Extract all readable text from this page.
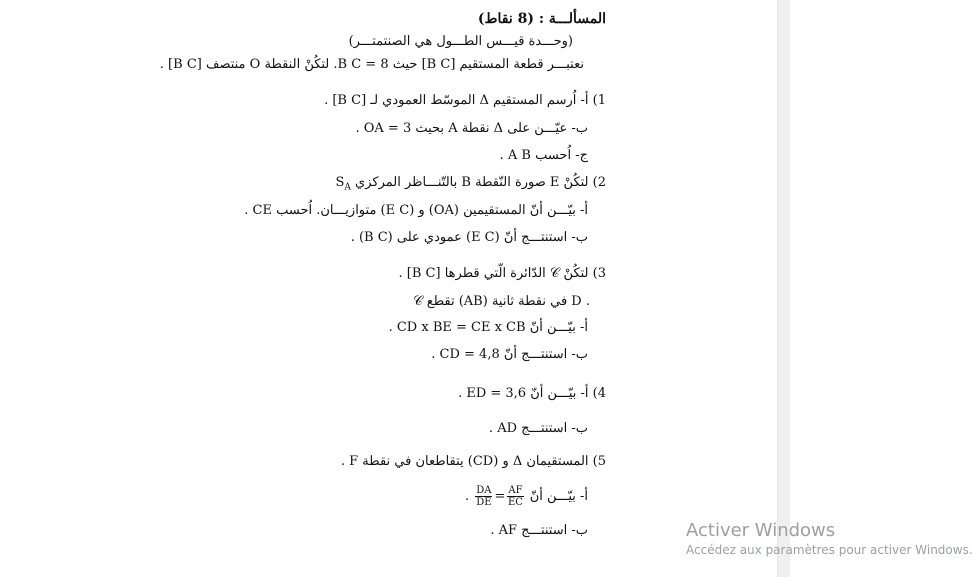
المسألـــة : (8 نقاط)
(وحـــدة قيـــس الطـــول هي الصنتمتـــر)
نعتبـــر قطعة المستقيم [B C] حيث B C = 8. لتكُنْ النقطة O منتصف [B C] .
1) أ- اُرسم المستقيم Δ الموسّط العمودي لـ [B C] .
ب- عيّـــن على Δ نقطة A بحيث OA = 3 .
ج- اُحسب A B .
2) لتكُنْ E صورة النّقطة B بالتّنـــاظر المركزي $S_A$
أ- بيّـــن أنّ المستقيمين (OA) و (E C) متوازيـــان. اُحسب CE .
ب- استنتـــج أنّ (E C) عمودي على (B C) .
3) لتكُنْ 𝒞 الدّائرة الّتي قطرها [B C] .
𝒞 تقطع (AB) في نقطة ثانية D .
أ- بيّـــن أنّ CD x BE = CE x CB .
ب- استنتـــج أنّ CD = 4,8 .
4) أ- بيّـــن أنّ ED = 3,6 .
ب- استنتـــج AD .
5) المستقيمان Δ و (CD) يتقاطعان في نقطة F .
أ- بيّـــن أنّ
$\frac{AF}{EC}$
=
$\frac{DA}{DE}$
.
ب- استنتـــج AF .	Activer Windows
Accédez aux paramètres pour activer Windows.
